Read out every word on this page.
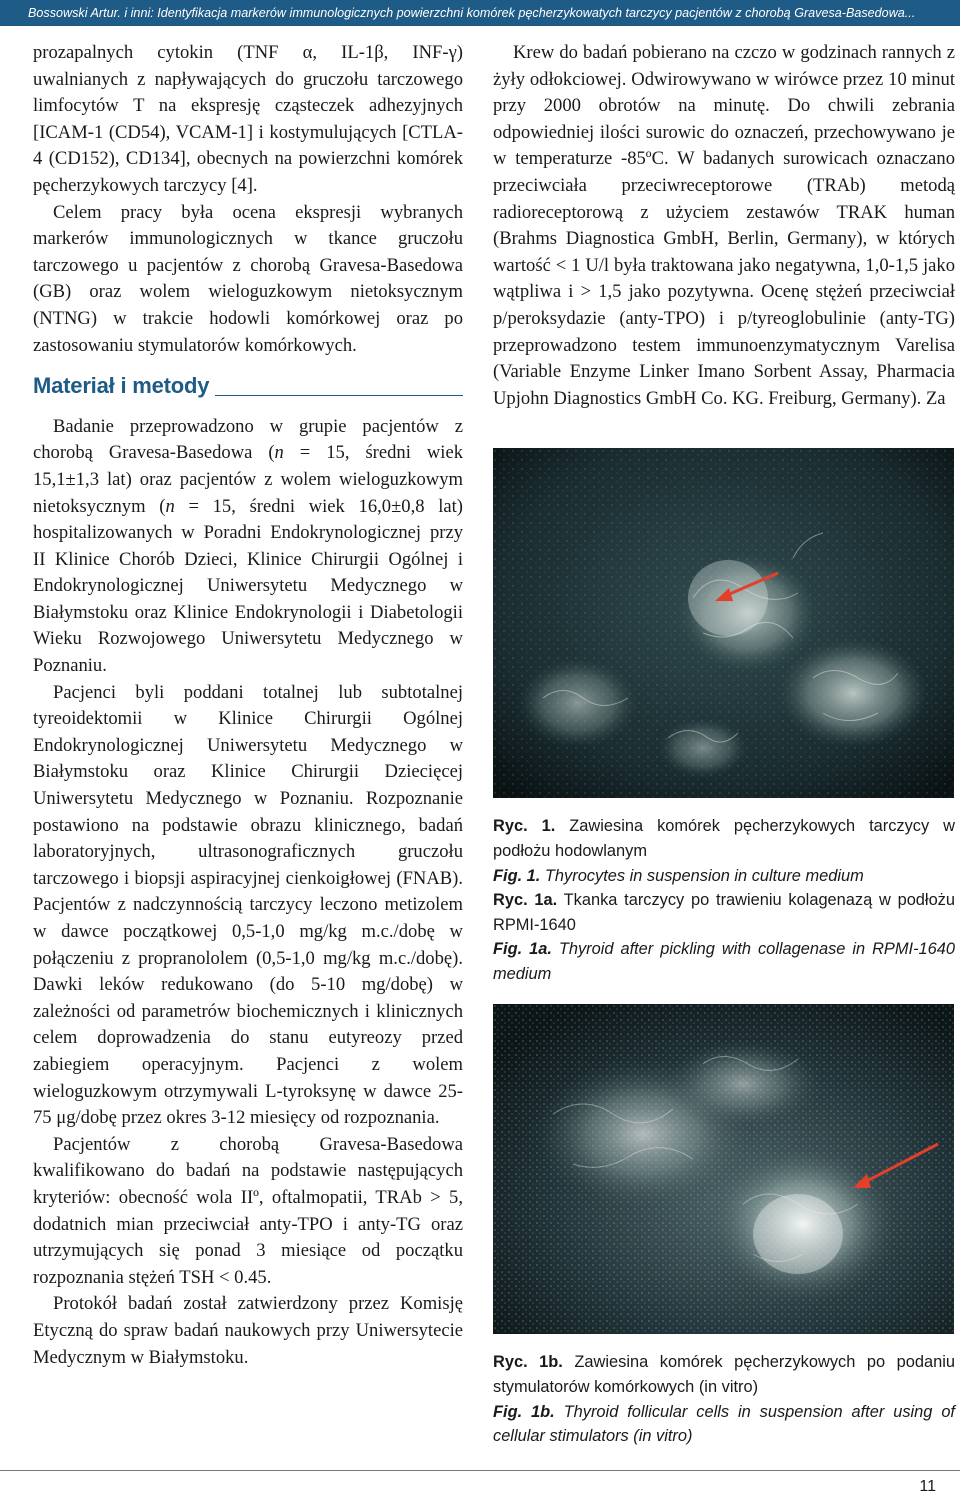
Bossowski Artur. i inni: Identyfikacja markerów immunologicznych powierzchni komórek pęcherzykowatych tarczycy pacjentów z chorobą Gravesa-Basedowa...

prozapalnych cytokin (TNF α, IL-1β, INF-γ) uwalnianych z napływających do gruczołu tarczowego limfocytów T na ekspresję cząsteczek adhezyjnych [ICAM-1 (CD54), VCAM-1] i kostymulujących [CTLA-4 (CD152), CD134], obecnych na powierzchni komórek pęcherzykowych tarczycy [4].

Celem pracy była ocena ekspresji wybranych markerów immunologicznych w tkance gruczołu tarczowego u pacjentów z chorobą Gravesa-Basedowa (GB) oraz wolem wieloguzkowym nietoksycznym (NTNG) w trakcie hodowli komórkowej oraz po zastosowaniu stymulatorów komórkowych.

Materiał i metody

Badanie przeprowadzono w grupie pacjentów z chorobą Gravesa-Basedowa (n = 15, średni wiek 15,1±1,3 lat) oraz pacjentów z wolem wieloguzkowym nietoksycznym (n = 15, średni wiek 16,0±0,8 lat) hospitalizowanych w Poradni Endokrynologicznej przy II Klinice Chorób Dzieci, Klinice Chirurgii Ogólnej i Endokrynologicznej Uniwersytetu Medycznego w Białymstoku oraz Klinice Endokrynologii i Diabetologii Wieku Rozwojowego Uniwersytetu Medycznego w Poznaniu.

Pacjenci byli poddani totalnej lub subtotalnej tyreoidektomii w Klinice Chirurgii Ogólnej Endokrynologicznej Uniwersytetu Medycznego w Białymstoku oraz Klinice Chirurgii Dziecięcej Uniwersytetu Medycznego w Poznaniu. Rozpoznanie postawiono na podstawie obrazu klinicznego, badań laboratoryjnych, ultrasonograficznych gruczołu tarczowego i biopsji aspiracyjnej cienkoigłowej (FNAB). Pacjentów z nadczynnością tarczycy leczono metizolem w dawce początkowej 0,5-1,0 mg/kg m.c./dobę w połączeniu z propranololem (0,5-1,0 mg/kg m.c./dobę). Dawki leków redukowano (do 5-10 mg/dobę) w zależności od parametrów biochemicznych i klinicznych celem doprowadzenia do stanu eutyreozy przed zabiegiem operacyjnym. Pacjenci z wolem wieloguzkowym otrzymywali L-tyroksynę w dawce 25-75 μg/dobę przez okres 3-12 miesięcy od rozpoznania.

Pacjentów z chorobą Gravesa-Basedowa kwalifikowano do badań na podstawie następujących kryteriów: obecność wola IIº, oftalmopatii, TRAb > 5, dodatnich mian przeciwciał anty-TPO i anty-TG oraz utrzymujących się ponad 3 miesiące od początku rozpoznania stężeń TSH < 0.45.

Protokół badań został zatwierdzony przez Komisję Etyczną do spraw badań naukowych przy Uniwersytecie Medycznym w Białymstoku.

Krew do badań pobierano na czczo w godzinach rannych z żyły odłokciowej. Odwirowywano w wirówce przez 10 minut przy 2000 obrotów na minutę. Do chwili zebrania odpowiedniej ilości surowic do oznaczeń, przechowywano je w temperaturze -85ºC. W badanych surowicach oznaczano przeciwciała przeciwreceptorowe (TRAb) metodą radioreceptorową z użyciem zestawów TRAK human (Brahms Diagnostica GmbH, Berlin, Germany), w których wartość < 1 U/l była traktowana jako negatywna, 1,0-1,5 jako wątpliwa i > 1,5 jako pozytywna. Ocenę stężeń przeciwciał p/peroksydazie (anty-TPO) i p/tyreoglobulinie (anty-TG) przeprowadzono testem immunoenzymatycznym Varelisa (Variable Enzyme Linker Imano Sorbent Assay, Pharmacia Upjohn Diagnostics GmbH Co. KG. Freiburg, Germany). Za

Ryc. 1. Zawiesina komórek pęcherzykowych tarczycy w podłożu hodowlanym
Fig. 1. Thyrocytes in suspension in culture medium
Ryc. 1a. Tkanka tarczycy po trawieniu kolagenazą w podłożu RPMI-1640
Fig. 1a. Thyroid after pickling with collagenase in RPMI-1640 medium
Ryc. 1b. Zawiesina komórek pęcherzykowych po podaniu stymulatorów komórkowych (in vitro)
Fig. 1b. Thyroid follicular cells in suspension after using of cellular stimulators (in vitro)
11
